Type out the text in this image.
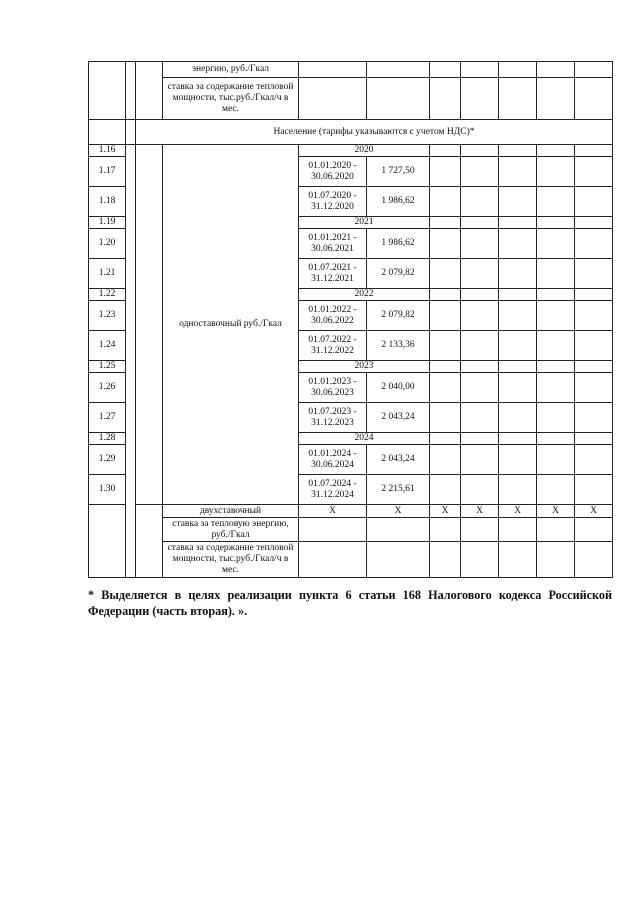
			энергию, руб./Гкал								
			ставка за содержание тепловой мощности, тыс.руб./Гкал/ч в мес.								
		Население (тарифы указываются с учетом НДС)*									
1.16			одноставочный руб./Гкал	2020							
1.17				01.01.2020 - 30.06.2020	1 727,50						
1.18				01.07.2020 - 31.12.2020	1 986,62						
1.19				2021							
1.20				01.01.2021 - 30.06.2021	1 986,62						
1.21				01.07.2021 - 31.12.2021	2 079,82						
1.22				2022							
1.23				01.01.2022 - 30.06.2022	2 079,82						
1.24				01.07.2022 - 31.12.2022	2 133,36						
1.25				2023							
1.26				01.01.2023 - 30.06.2023	2 040,00						
1.27				01.07.2023 - 31.12.2023	2 043,24						
1.28				2024							
1.29				01.01.2024 - 30.06.2024	2 043,24						
1.30				01.07.2024 - 31.12.2024	2 215,61						
			двухставочный	Х	Х	Х	Х	Х	Х	Х	
			ставка за тепловую энергию, руб./Гкал								
			ставка за содержание тепловой мощности, тыс.руб./Гкал/ч в мес.								
* Выделяется в целях реализации пункта 6 статьи 168 Налогового кодекса Российской Федерации (часть вторая). ».
